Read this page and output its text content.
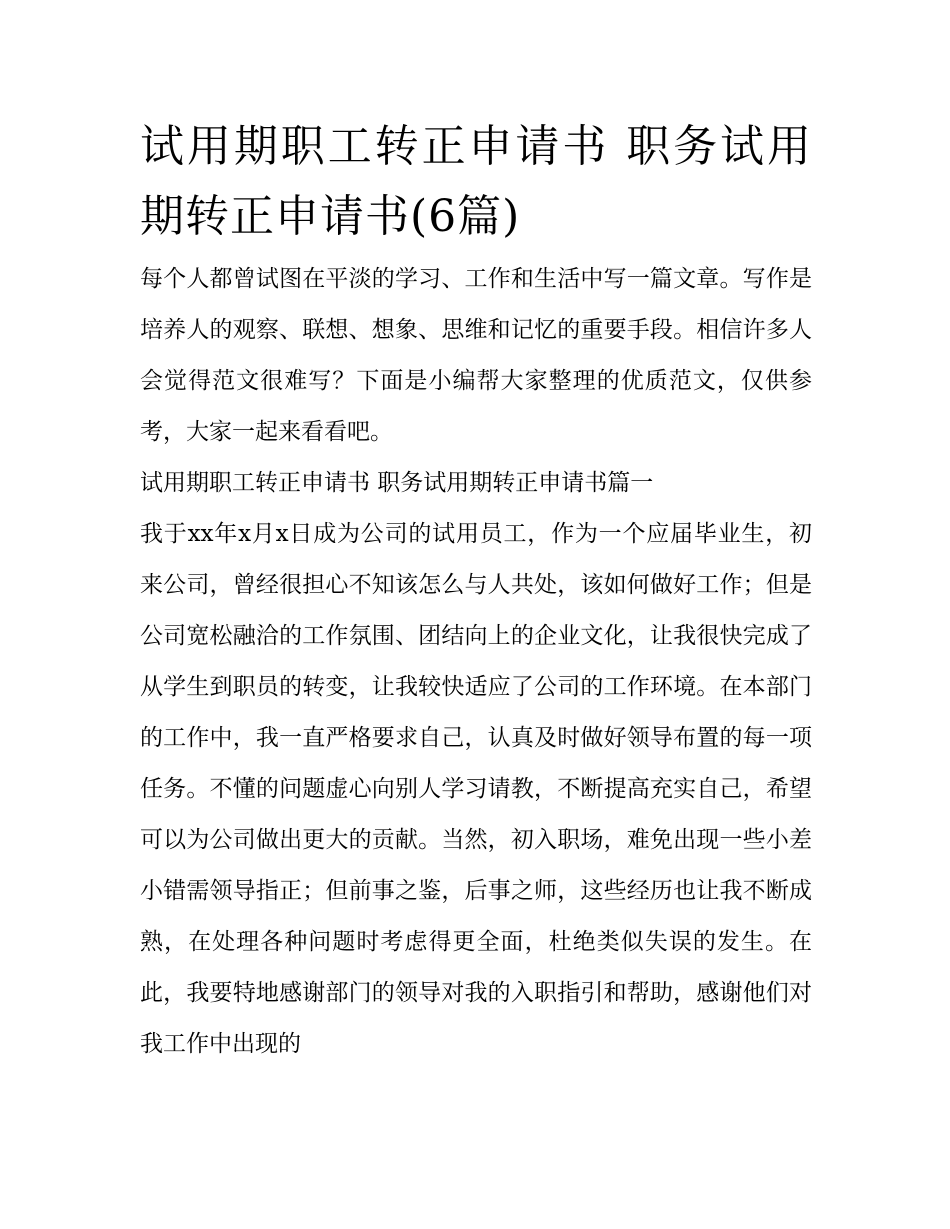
试用期职工转正申请书 职务试用期转正申请书(6篇)

每个人都曾试图在平淡的学习、工作和生活中写一篇文章。写作是培养人的观察、联想、想象、思维和记忆的重要手段。相信许多人会觉得范文很难写？下面是小编帮大家整理的优质范文，仅供参考，大家一起来看看吧。

试用期职工转正申请书 职务试用期转正申请书篇一

我于xx年x月x日成为公司的试用员工，作为一个应届毕业生，初来公司，曾经很担心不知该怎么与人共处，该如何做好工作；但是公司宽松融洽的工作氛围、团结向上的企业文化，让我很快完成了从学生到职员的转变，让我较快适应了公司的工作环境。在本部门的工作中，我一直严格要求自己，认真及时做好领导布置的每一项任务。不懂的问题虚心向别人学习请教，不断提高充实自己，希望可以为公司做出更大的贡献。当然，初入职场，难免出现一些小差小错需领导指正；但前事之鉴，后事之师，这些经历也让我不断成熟，在处理各种问题时考虑得更全面，杜绝类似失误的发生。在此，我要特地感谢部门的领导对我的入职指引和帮助，感谢他们对我工作中出现的
